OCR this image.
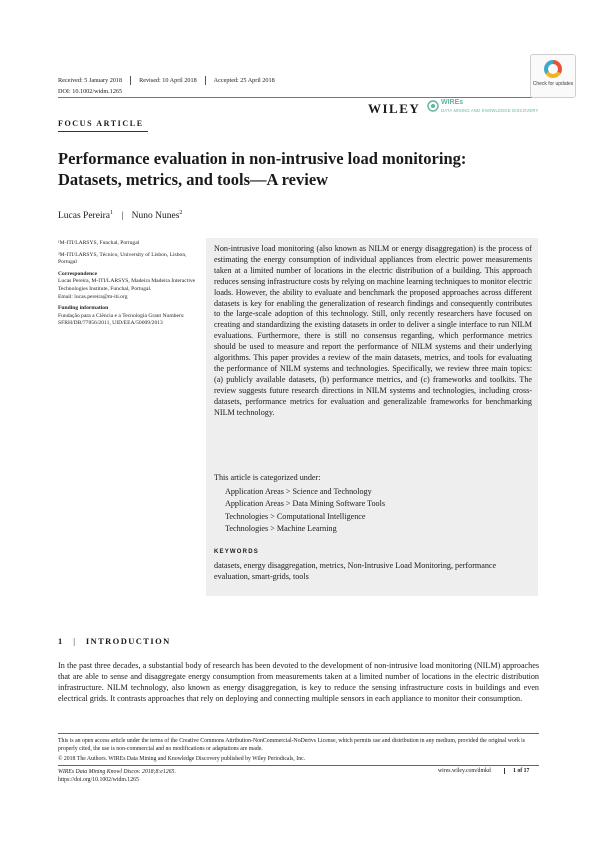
Received: 5 January 2018	Revised: 10 April 2018	Accepted: 25 April 2018
DOI: 10.1002/widm.1265
Check for updates
WILEY	WIREs
DATA MINING AND KNOWLEDGE DISCOVERY
FOCUS ARTICLE
Performance evaluation in non-intrusive load monitoring: Datasets, metrics, and tools—A review
Lucas Pereira$^1$ | Nuno Nunes$^2$

¹M-ITI/LARSYS, Funchal, Portugal

²M-ITI/LARSYS, Técnico, University of Lisbon, Lisbon, Portugal

Correspondence

Lucas Pereira, M-ITI/LARSYS, Madeira Madeira Interactive Technologies Institute, Funchal, Portugal.

Email: lucas.pereira@m-iti.org

Funding information

Fundação para a Ciência e a Tecnologia Grant Numbers: SFRH/DB/77856/2011, UID/EEA/50009/2013

Non-intrusive load monitoring (also known as NILM or energy disaggregation) is the process of estimating the energy consumption of individual appliances from electric power measurements taken at a limited number of locations in the electric distribution of a building. This approach reduces sensing infrastructure costs by relying on machine learning techniques to monitor electric loads. However, the ability to evaluate and benchmark the proposed approaches across different datasets is key for enabling the generalization of research findings and consequently contributes to the large-scale adoption of this technology. Still, only recently researchers have focused on creating and standardizing the existing datasets in order to deliver a single interface to run NILM evaluations. Furthermore, there is still no consensus regarding, which performance metrics should be used to measure and report the performance of NILM systems and their underlying algorithms. This paper provides a review of the main datasets, metrics, and tools for evaluating the performance of NILM systems and technologies. Specifically, we review three main topics: (a) publicly available datasets, (b) performance metrics, and (c) frameworks and toolkits. The review suggests future research directions in NILM systems and technologies, including cross-datasets, performance metrics for evaluation and generalizable frameworks for benchmarking NILM technology.
This article is categorized under:
Application Areas > Science and Technology
Application Areas > Data Mining Software Tools
Technologies > Computational Intelligence
Technologies > Machine Learning
KEYWORDS
datasets, energy disaggregation, metrics, Non-Intrusive Load Monitoring, performance evaluation, smart-grids, tools
1 | INTRODUCTION
In the past three decades, a substantial body of research has been devoted to the development of non-intrusive load monitoring (NILM) approaches that are able to sense and disaggregate energy consumption from measurements taken at a limited number of locations in the electric distribution infrastructure. NILM technology, also known as energy disaggregation, is key to reduce the sensing infrastructure costs in buildings and even electrical grids. It contrasts approaches that rely on deploying and connecting multiple sensors in each appliance to monitor their consumption.
This is an open access article under the terms of the Creative Commons Attribution-NonCommercial-NoDerivs License, which permits use and distribution in any medium, provided the original work is properly cited, the use is non-commercial and no modifications or adaptations are made.
© 2018 The Authors. WIREs Data Mining and Knowledge Discovery published by Wiley Periodicals, Inc.
WIREs Data Mining Knowl Discov. 2018;8:e1265.
https://doi.org/10.1002/widm.1265
wires.wiley.com/dmkd	1 of 17
